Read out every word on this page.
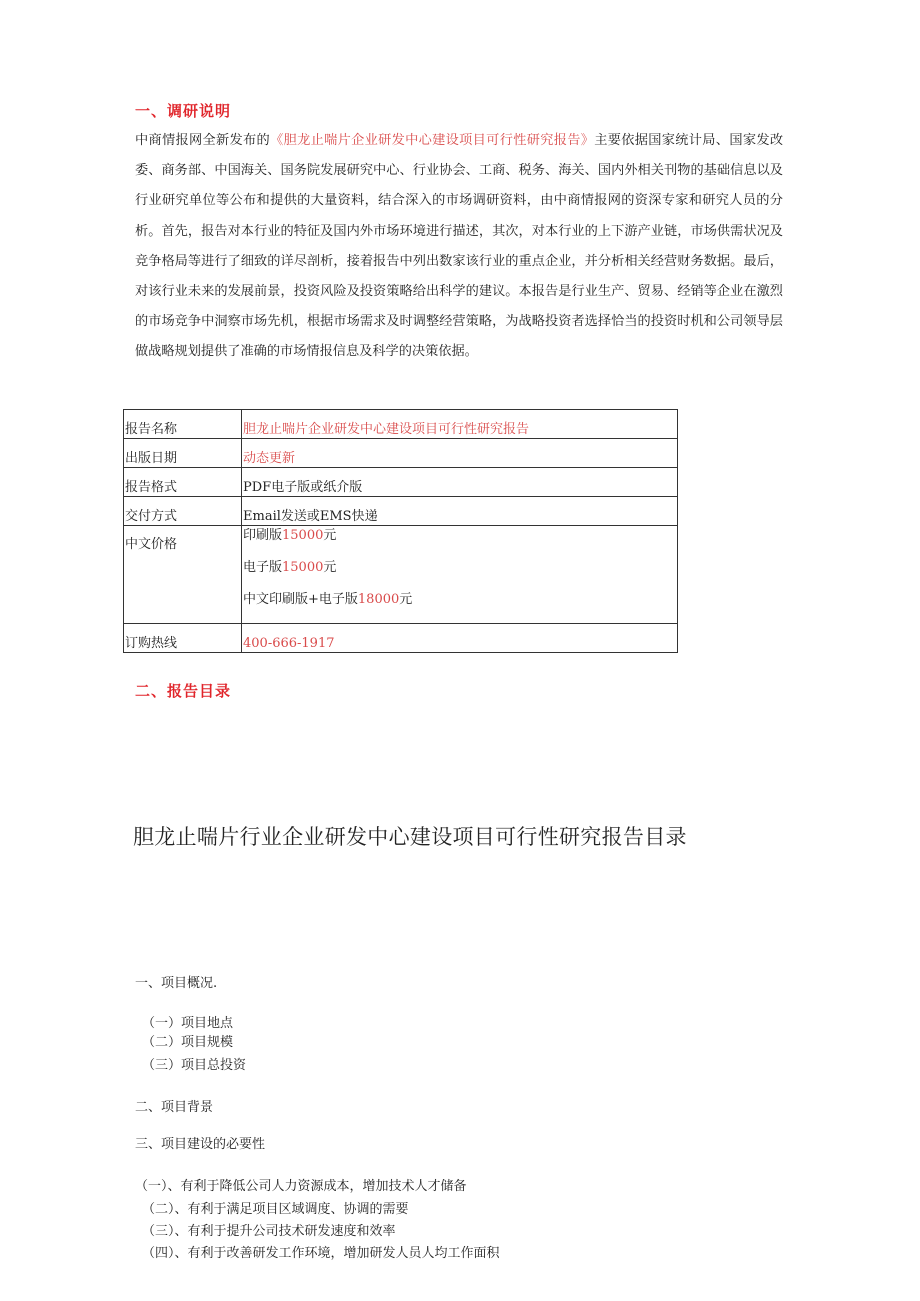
一、调研说明
中商情报网全新发布的《胆龙止喘片企业研发中心建设项目可行性研究报告》主要依据国家统计局、国家发改委、商务部、中国海关、国务院发展研究中心、行业协会、工商、税务、海关、国内外相关刊物的基础信息以及行业研究单位等公布和提供的大量资料，结合深入的市场调研资料，由中商情报网的资深专家和研究人员的分析。首先，报告对本行业的特征及国内外市场环境进行描述，其次，对本行业的上下游产业链，市场供需状况及竞争格局等进行了细致的详尽剖析，接着报告中列出数家该行业的重点企业，并分析相关经营财务数据。最后，对该行业未来的发展前景，投资风险及投资策略给出科学的建议。本报告是行业生产、贸易、经销等企业在激烈的市场竞争中洞察市场先机，根据市场需求及时调整经营策略，为战略投资者选择恰当的投资时机和公司领导层做战略规划提供了准确的市场情报信息及科学的决策依据。
报告名称	胆龙止喘片企业研发中心建设项目可行性研究报告
出版日期	动态更新
报告格式	PDF电子版或纸介版
交付方式	Email发送或EMS快递

中文价格	印刷版15000元
电子版15000元
中文印刷版+电子版18000元

订购热线	400-666-1917
二、报告目录
胆龙止喘片行业企业研发中心建设项目可行性研究报告目录
一、项目概况.
（一）项目地点
（二）项目规模
（三）项目总投资
二、项目背景
三、项目建设的必要性
（一）、有利于降低公司人力资源成本，增加技术人才储备
（二）、有利于满足项目区域调度、协调的需要
（三）、有利于提升公司技术研发速度和效率
（四）、有利于改善研发工作环境，增加研发人员人均工作面积
